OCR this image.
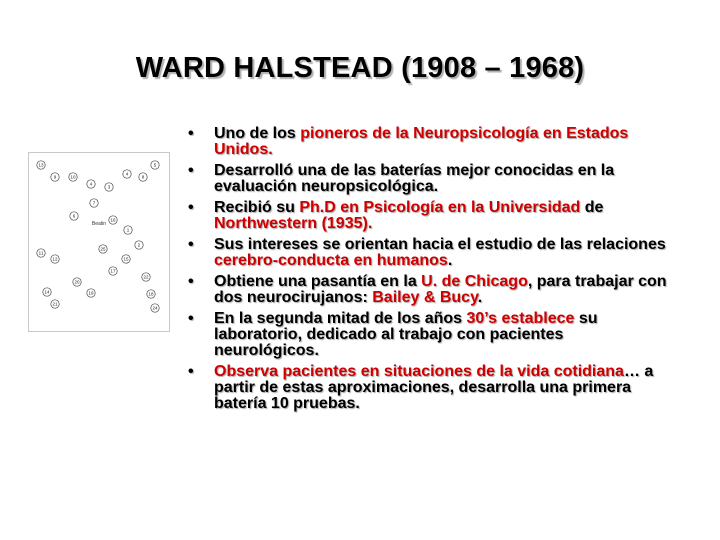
WARD HALSTEAD (1908 – 1968)
Beatin
13
9	10
4
4
8
5
3
7
6
16
1
11
12	15
2
22
14
20
21
18
24
19
17
25
• Uno de los pioneros de la Neuropsicología en Estados Unidos.
• Desarrolló una de las baterías mejor conocidas en la evaluación neuropsicológica.
• Recibió su Ph.D en Psicología en la Universidad de Northwestern (1935).
• Sus intereses se orientan hacia el estudio de las relaciones cerebro-conducta en humanos.
• Obtiene una pasantía en la U. de Chicago, para trabajar con dos neurocirujanos: Bailey & Bucy.
• En la segunda mitad de los años 30’s establece su laboratorio, dedicado al trabajo con pacientes neurológicos.
• Observa pacientes en situaciones de la vida cotidiana… a partir de estas aproximaciones, desarrolla una primera batería 10 pruebas.
